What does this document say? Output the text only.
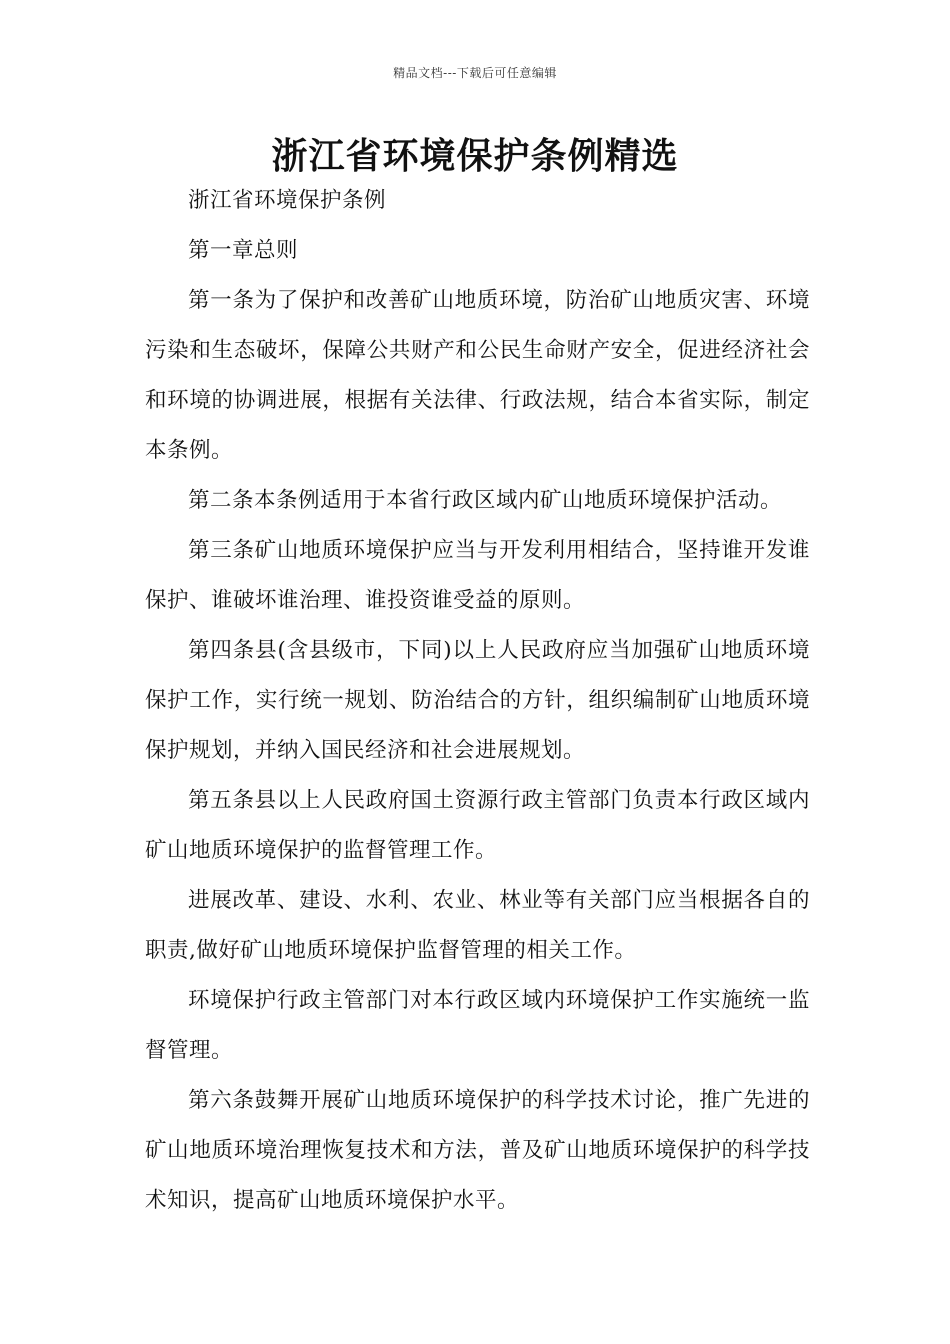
精品文档---下载后可任意编辑
浙江省环境保护条例精选

浙江省环境保护条例

第一章总则

第一条为了保护和改善矿山地质环境，防治矿山地质灾害、环境污染和生态破坏，保障公共财产和公民生命财产安全，促进经济社会和环境的协调进展，根据有关法律、行政法规，结合本省实际，制定本条例。

第二条本条例适用于本省行政区域内矿山地质环境保护活动。

第三条矿山地质环境保护应当与开发利用相结合，坚持谁开发谁保护、谁破坏谁治理、谁投资谁受益的原则。

第四条县(含县级市，下同)以上人民政府应当加强矿山地质环境保护工作，实行统一规划、防治结合的方针，组织编制矿山地质环境保护规划，并纳入国民经济和社会进展规划。

第五条县以上人民政府国土资源行政主管部门负责本行政区域内矿山地质环境保护的监督管理工作。

进展改革、建设、水利、农业、林业等有关部门应当根据各自的职责,做好矿山地质环境保护监督管理的相关工作。

环境保护行政主管部门对本行政区域内环境保护工作实施统一监督管理。

第六条鼓舞开展矿山地质环境保护的科学技术讨论，推广先进的矿山地质环境治理恢复技术和方法，普及矿山地质环境保护的科学技术知识，提高矿山地质环境保护水平。
